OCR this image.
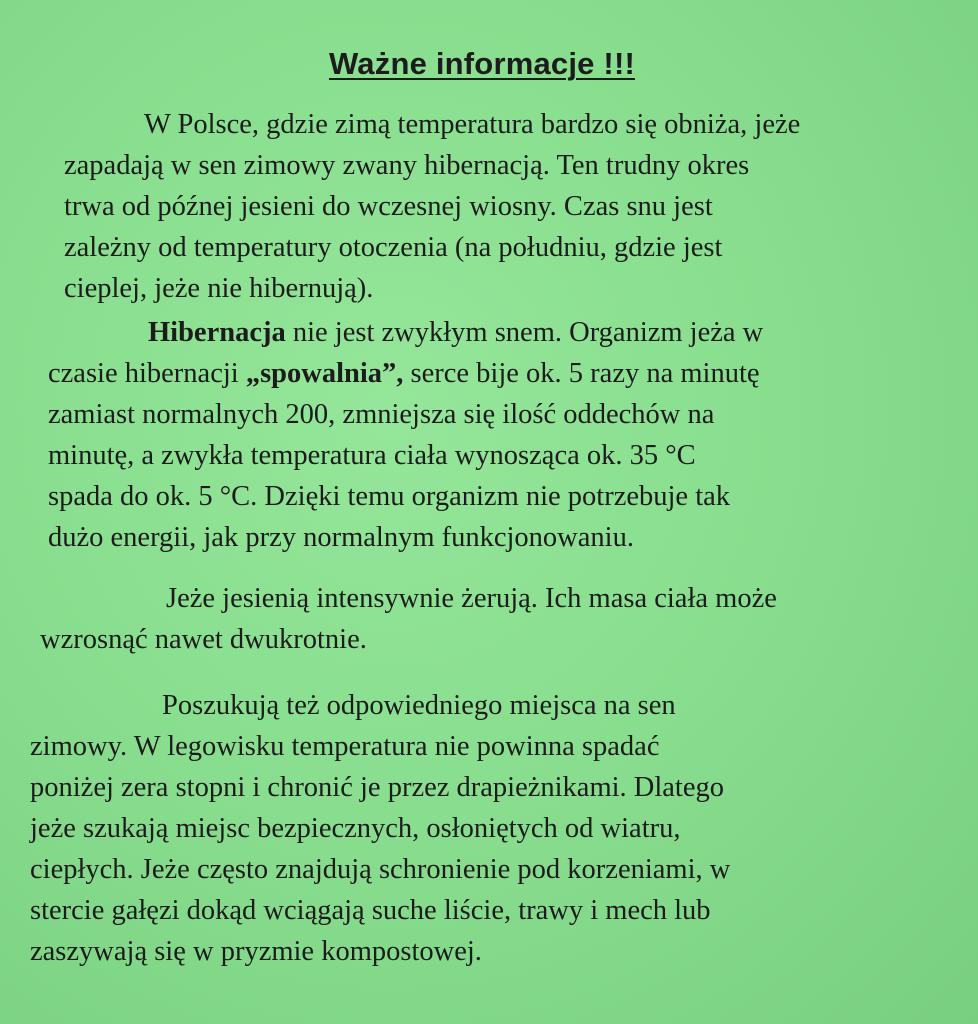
Ważne informacje !!!
W Polsce, gdzie zimą temperatura bardzo się obniża, jeże
zapadają w sen zimowy zwany hibernacją. Ten trudny okres
trwa od późnej jesieni do wczesnej wiosny. Czas snu jest
zależny od temperatury otoczenia (na południu, gdzie jest
cieplej, jeże nie hibernują).
Hibernacja nie jest zwykłym snem. Organizm jeża w
czasie hibernacji „spowalnia”, serce bije ok. 5 razy na minutę
zamiast normalnych 200, zmniejsza się ilość oddechów na
minutę, a zwykła temperatura ciała wynosząca ok. 35 °C
spada do ok. 5 °C. Dzięki temu organizm nie potrzebuje tak
dużo energii, jak przy normalnym funkcjonowaniu.
Jeże jesienią intensywnie żerują. Ich masa ciała może
wzrosnąć nawet dwukrotnie.
Poszukują też odpowiedniego miejsca na sen
zimowy. W legowisku temperatura nie powinna spadać
poniżej zera stopni i chronić je przez drapieżnikami. Dlatego
jeże szukają miejsc bezpiecznych, osłoniętych od wiatru,
ciepłych. Jeże często znajdują schronienie pod korzeniami, w
stercie gałęzi dokąd wciągają suche liście, trawy i mech lub
zaszywają się w pryzmie kompostowej.
